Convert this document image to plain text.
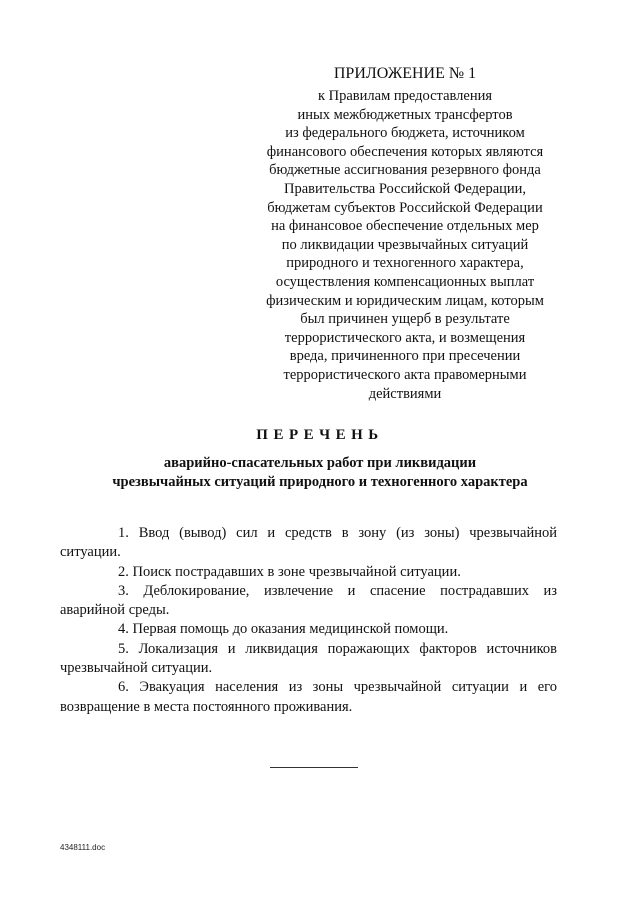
ПРИЛОЖЕНИЕ № 1
к Правилам предоставления
иных межбюджетных трансфертов
из федерального бюджета, источником
финансового обеспечения которых являются
бюджетные ассигнования резервного фонда
Правительства Российской Федерации,
бюджетам субъектов Российской Федерации
на финансовое обеспечение отдельных мер
по ликвидации чрезвычайных ситуаций
природного и техногенного характера,
осуществления компенсационных выплат
физическим и юридическим лицам, которым
был причинен ущерб в результате
террористического акта, и возмещения
вреда, причиненного при пресечении
террористического акта правомерными
действиями
ПЕРЕЧЕНЬ
аварийно-спасательных работ при ликвидации
чрезвычайных ситуаций природного и техногенного характера

1. Ввод (вывод) сил и средств в зону (из зоны) чрезвычайной ситуации.

2. Поиск пострадавших в зоне чрезвычайной ситуации.

3. Деблокирование, извлечение и спасение пострадавших из аварийной среды.

4. Первая помощь до оказания медицинской помощи.

5. Локализация и ликвидация поражающих факторов источников чрезвычайной ситуации.

6. Эвакуация населения из зоны чрезвычайной ситуации и его возвращение в места постоянного проживания.

4348111.doc
